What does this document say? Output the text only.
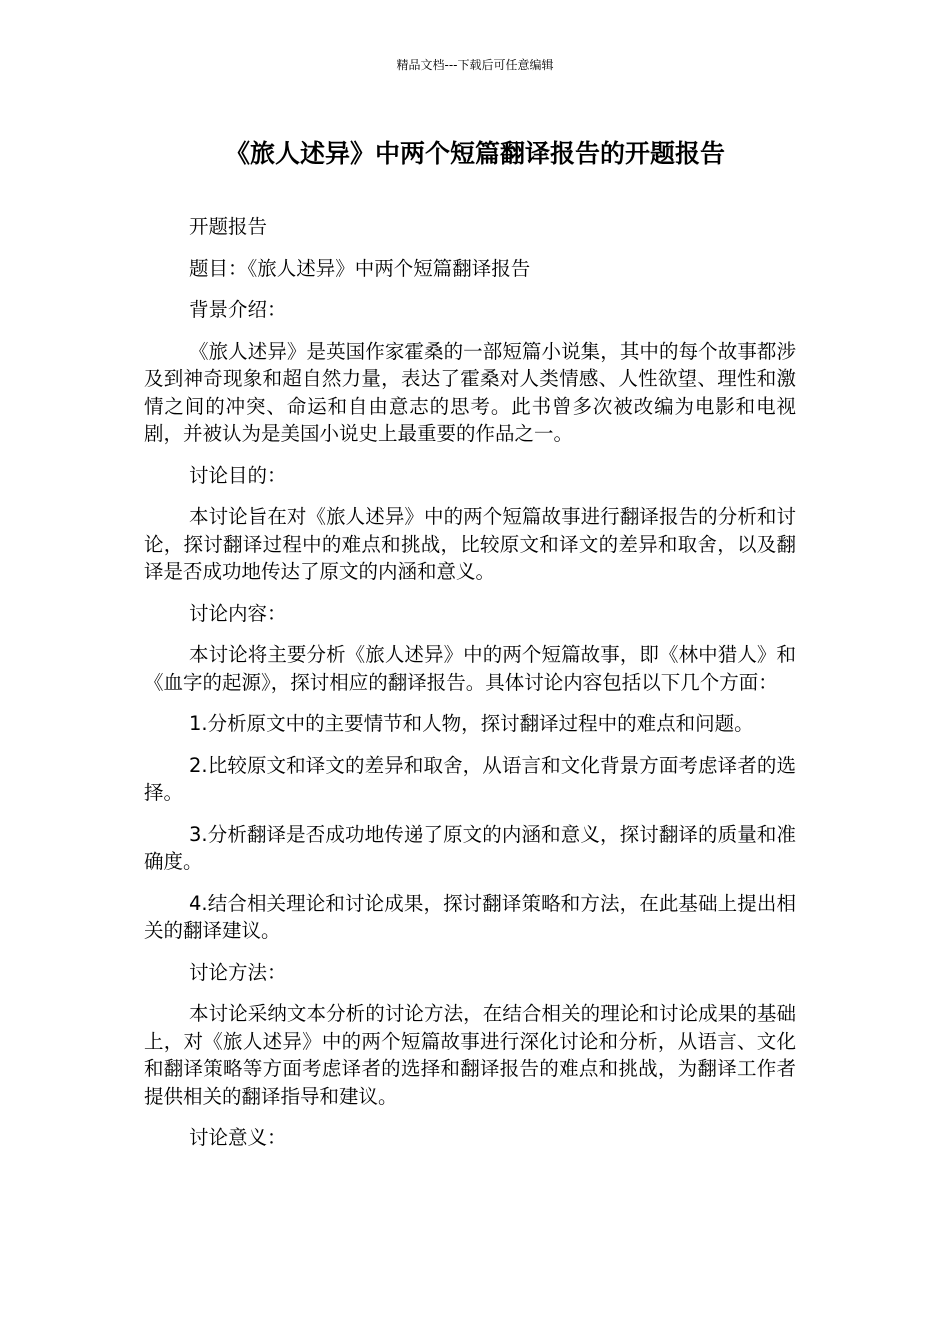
精品文档---下载后可任意编辑
《旅人述异》中两个短篇翻译报告的开题报告

开题报告

题目：《旅人述异》中两个短篇翻译报告

背景介绍：

《旅人述异》是英国作家霍桑的一部短篇小说集，其中的每个故事都涉及到神奇现象和超自然力量，表达了霍桑对人类情感、人性欲望、理性和激情之间的冲突、命运和自由意志的思考。此书曾多次被改编为电影和电视剧，并被认为是美国小说史上最重要的作品之一。

讨论目的：

本讨论旨在对《旅人述异》中的两个短篇故事进行翻译报告的分析和讨论，探讨翻译过程中的难点和挑战，比较原文和译文的差异和取舍，以及翻译是否成功地传达了原文的内涵和意义。

讨论内容：

本讨论将主要分析《旅人述异》中的两个短篇故事，即《林中猎人》和《血字的起源》，探讨相应的翻译报告。具体讨论内容包括以下几个方面：

1.分析原文中的主要情节和人物，探讨翻译过程中的难点和问题。

2.比较原文和译文的差异和取舍，从语言和文化背景方面考虑译者的选择。

3.分析翻译是否成功地传递了原文的内涵和意义，探讨翻译的质量和准确度。

4.结合相关理论和讨论成果，探讨翻译策略和方法，在此基础上提出相关的翻译建议。

讨论方法：

本讨论采纳文本分析的讨论方法，在结合相关的理论和讨论成果的基础上，对《旅人述异》中的两个短篇故事进行深化讨论和分析，从语言、文化和翻译策略等方面考虑译者的选择和翻译报告的难点和挑战，为翻译工作者提供相关的翻译指导和建议。

讨论意义：
